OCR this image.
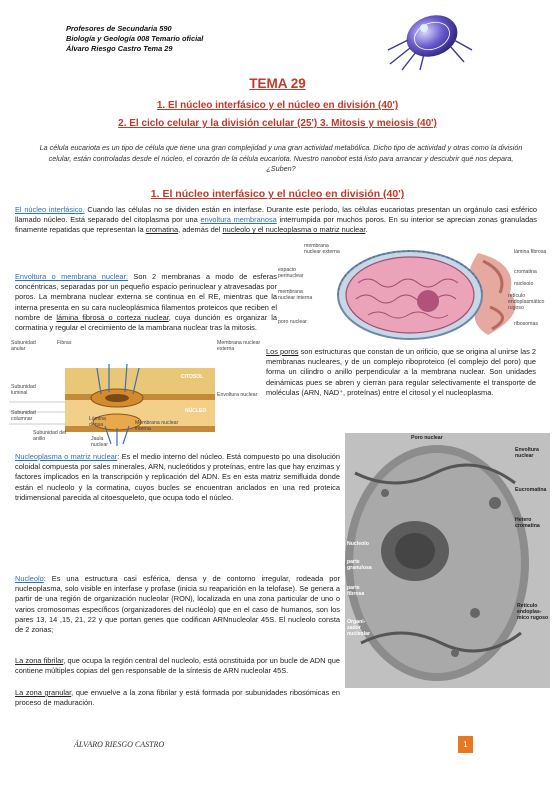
Profesores de Secundaria 590
Biología y Geología 008 Temario oficial
Álvaro Riesgo Castro Tema 29
TEMA 29
1. El núcleo interfásico y el núcleo en división (40')
2. El ciclo celular y la división celular (25') 3. Mitosis y meiosis (40')
La célula eucariota es un tipo de célula que tiene una gran complejidad y una gran actividad metabólica. Dicho tipo de actividad y otras como la división celular, están controladas desde el núcleo, el corazón de la célula eucariota. Nuestro nanobot está listo para arrancar y descubrir qué nos depara, ¿Suben?
1. El núcleo interfásico y el núcleo en división (40')
El núcleo interfásico. Cuando las células no se dividen están en interfase. Durante este período, las células eucariotas presentan un orgánulo casi esférico llamado núcleo. Está separado del citoplasma por una envoltura membranosa interrumpida por muchos poros. En su interior se aprecian zonas granuladas finamente repatidas que representan la cromatina, además del nucleolo y el nucleoplasma o matriz nuclear.
Envoltura o membrana nuclear: Son 2 membranas a modo de esferas concéntricas, separadas por un pequeño espacio perinuclear y atravesadas por poros. La membrana nuclear externa se continua en el RE, mientras que la interna presenta en su cara nucleoplásmica filamentos proteicos que reciben el nombre de lámina fibrosa o corteza nuclear, cuya dunción es organizar la cormatina y regular el crecimiento de la mambrana nuclear tras la mitosis.
membrana nuclear externa
espacio perinuclear
membrana nuclear interna
poro nuclear
lámina fibrosa
cromatina
nucleolo
retículo endoplasmático rugoso
ribosomas
Subunidad anular
Fibras	Membrana nuclear externa
CITOSOL
Envoltura nuclear
Subunidad luminal
Subunidad columnar
NÚCLEO
Lámina densa	Membrana nuclear interna
Subunidad del anillo	Jaula nuclear
Los poros son estructuras que constan de un orificio, que se origina al unirse las 2 membranas nucleares, y de un complejo riboproteico (el complejo del poro) que forma un cilindro o anillo perpendicular a la membrana nuclear. Son unidades deinámicas pues se abren y cierran para regular selectivamente el transporte de moléculas (ARN, NAD⁺, proteínas) entre el citosol y el nucleoplasma.
Poro nuclear
Envoltura nuclear
Eucromatina
Hetero cromatina
Nucleolo
parte granulosa
parte fibrosa
Organi- zador nucleolar
Retículo endoplas- mico rugoso
Nucleoplasma o matriz nuclear: Es el medio interno del núcleo. Está compuesto po una disolución coloidal compuesta por sales minerales, ARN, nucleótidos y proteínas, entre las que hay enzimas y factores implicados en la transcripción y replicación del ADN. Es en esta matriz semifluida donde están el nucleolo y la cormatina, cuyos bucles se encuentran anclados en una red proteica tridimensional parecida al citoesqueleto, que ocupa todo el núcleo.
Nucleolo: Es una estructura casi esférica, densa y de contorno irregular, rodeada por nucleoplasma, solo visible en interfase y profase (inicia su reaparición en la telofase). Se genera a partir de una región de organización nucleolar (RON), localizada en una zona particular de uno o varios cromosomas específicos (organizadores del nucléolo) que en el caso de humanos, son los pares 13, 14 ,15, 21, 22 y que portan genes que codifican ARNnucleolar 45S. El nucleolo consta de 2 zonas;
La zona fibrilar, que ocupa la región central del nucleolo, está ocnstituida por un bucle de ADN que contiene múltiples copias del gen responsable de la síntesis de ARN nucleolar 45S.
La zona granular, que envuelve a la zona fibrilar y está formada por subunidades ribosómicas en proceso de maduración.
ÁLVARO RIESGO CASTRO	1
